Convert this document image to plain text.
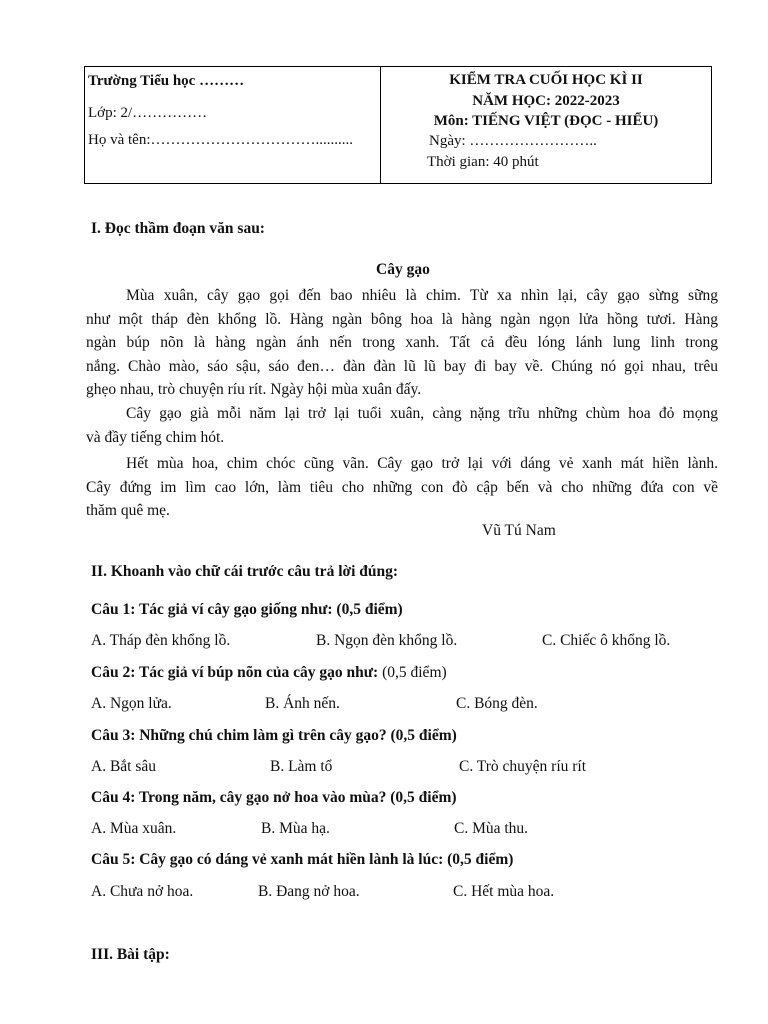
Trường Tiểu học ………
Lớp: 2/……………
Họ và tên:……………………………..........
KIỂM TRA CUỐI HỌC KÌ II
NĂM HỌC: 2022-2023
Môn: TIẾNG VIỆT (ĐỌC - HIỂU)
Ngày: ……………………..
Thời gian: 40 phút
I. Đọc thầm đoạn văn sau:
Cây gạo
Mùa xuân, cây gạo gọi đến bao nhiêu là chim. Từ xa nhìn lại, cây gạo sừng sững
như một tháp đèn khổng lồ. Hàng ngàn bông hoa là hàng ngàn ngọn lửa hồng tươi. Hàng
ngàn búp nõn là hàng ngàn ánh nến trong xanh. Tất cả đều lóng lánh lung linh trong
nắng. Chào mào, sáo sậu, sáo đen… đàn đàn lũ lũ bay đi bay về. Chúng nó gọi nhau, trêu
ghẹo nhau, trò chuyện ríu rít. Ngày hội mùa xuân đấy.
Cây gạo già mỗi năm lại trở lại tuổi xuân, càng nặng trĩu những chùm hoa đỏ mọng
và đầy tiếng chim hót.
Hết mùa hoa, chim chóc cũng vãn. Cây gạo trở lại với dáng vẻ xanh mát hiền lành.
Cây đứng im lìm cao lớn, làm tiêu cho những con đò cập bến và cho những đứa con về
thăm quê mẹ.
Vũ Tú Nam
II. Khoanh vào chữ cái trước câu trả lời đúng:
Câu 1: Tác giả ví cây gạo giống như: (0,5 điểm)
A. Tháp đèn khổng lồ.	B. Ngọn đèn khổng lồ.	C. Chiếc ô khổng lồ.
Câu 2: Tác giả ví búp nõn của cây gạo như: (0,5 điểm)
A. Ngọn lửa.	B. Ánh nến.	C. Bóng đèn.
Câu 3: Những chú chim làm gì trên cây gạo? (0,5 điểm)
A. Bắt sâu	B. Làm tổ	C. Trò chuyện ríu rít
Câu 4: Trong năm, cây gạo nở hoa vào mùa? (0,5 điểm)
A. Mùa xuân.	B. Mùa hạ.	C. Mùa thu.
Câu 5: Cây gạo có dáng vẻ xanh mát hiền lành là lúc: (0,5 điểm)
A. Chưa nở hoa.	B. Đang nở hoa.	C. Hết mùa hoa.
III. Bài tập:
